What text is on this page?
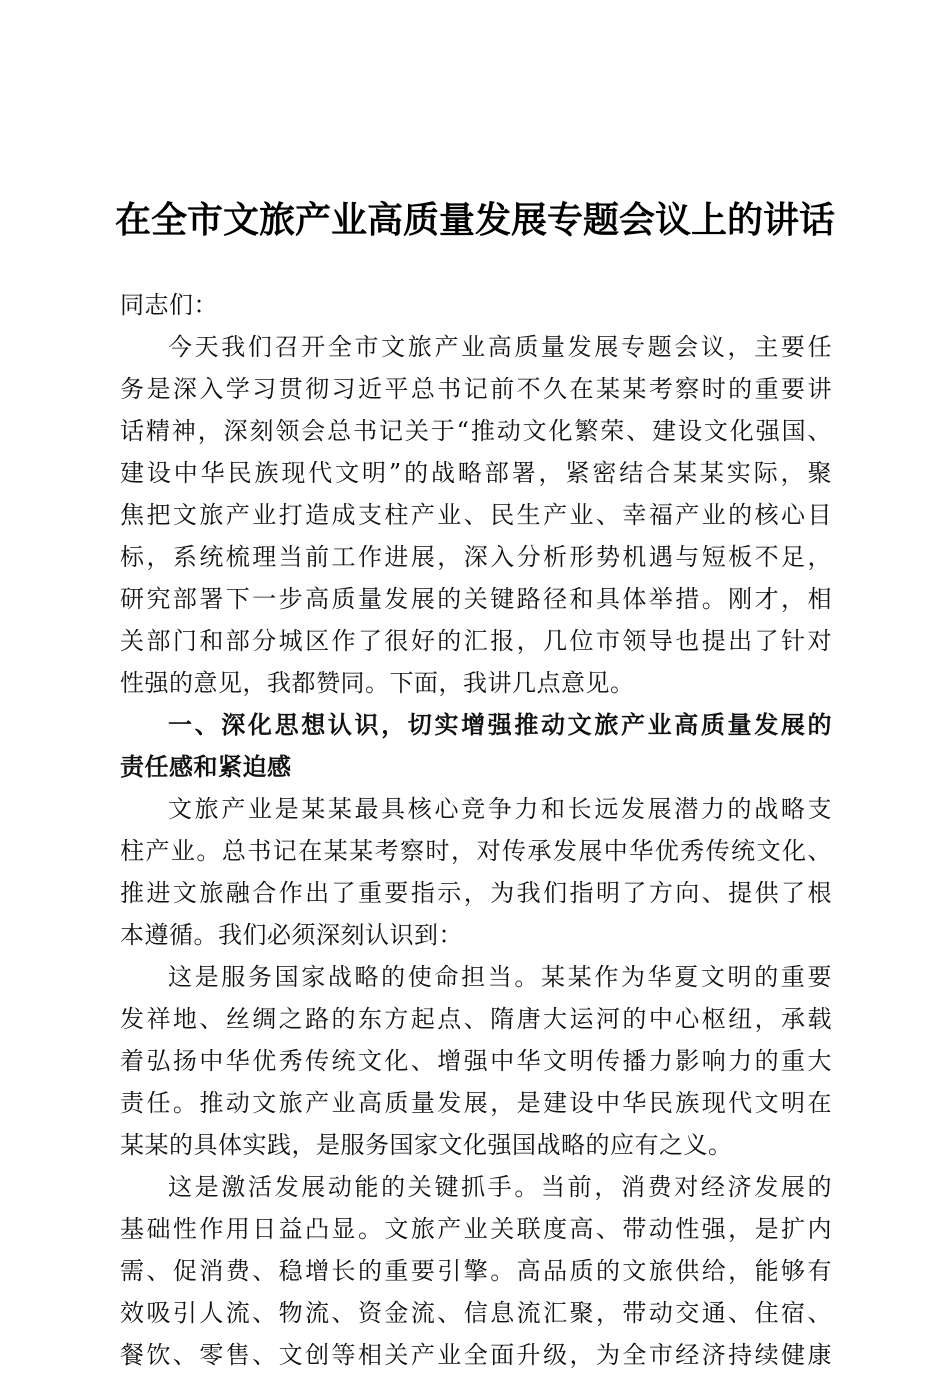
在全市文旅产业高质量发展专题会议上的讲话
同志们：
今天我们召开全市文旅产业高质量发展专题会议，主要任
务是深入学习贯彻习近平总书记前不久在某某考察时的重要讲
话精神，深刻领会总书记关于“推动文化繁荣、建设文化强国、
建设中华民族现代文明”的战略部署，紧密结合某某实际，聚
焦把文旅产业打造成支柱产业、民生产业、幸福产业的核心目
标，系统梳理当前工作进展，深入分析形势机遇与短板不足，
研究部署下一步高质量发展的关键路径和具体举措。刚才，相
关部门和部分城区作了很好的汇报，几位市领导也提出了针对
性强的意见，我都赞同。下面，我讲几点意见。
一、深化思想认识，切实增强推动文旅产业高质量发展的
责任感和紧迫感
文旅产业是某某最具核心竞争力和长远发展潜力的战略支
柱产业。总书记在某某考察时，对传承发展中华优秀传统文化、
推进文旅融合作出了重要指示，为我们指明了方向、提供了根
本遵循。我们必须深刻认识到：
这是服务国家战略的使命担当。某某作为华夏文明的重要
发祥地、丝绸之路的东方起点、隋唐大运河的中心枢纽，承载
着弘扬中华优秀传统文化、增强中华文明传播力影响力的重大
责任。推动文旅产业高质量发展，是建设中华民族现代文明在
某某的具体实践，是服务国家文化强国战略的应有之义。
这是激活发展动能的关键抓手。当前，消费对经济发展的
基础性作用日益凸显。文旅产业关联度高、带动性强，是扩内
需、促消费、稳增长的重要引擎。高品质的文旅供给，能够有
效吸引人流、物流、资金流、信息流汇聚，带动交通、住宿、
餐饮、零售、文创等相关产业全面升级，为全市经济持续健康
